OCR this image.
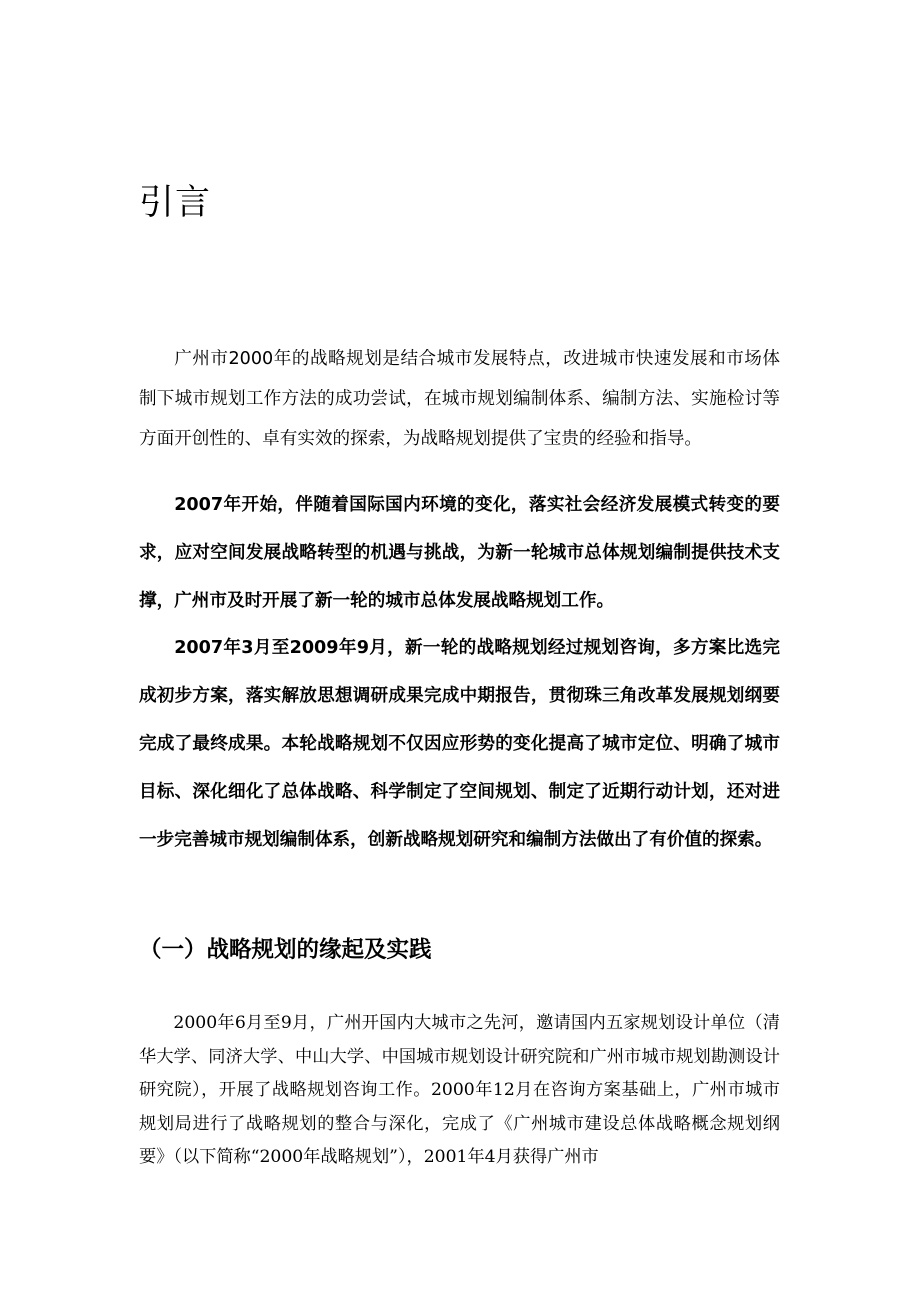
引言

广州市2000年的战略规划是结合城市发展特点，改进城市快速发展和市场体制下城市规划工作方法的成功尝试，在城市规划编制体系、编制方法、实施检讨等方面开创性的、卓有实效的探索，为战略规划提供了宝贵的经验和指导。

2007年开始，伴随着国际国内环境的变化，落实社会经济发展模式转变的要求，应对空间发展战略转型的机遇与挑战，为新一轮城市总体规划编制提供技术支撑，广州市及时开展了新一轮的城市总体发展战略规划工作。

2007年3月至2009年9月，新一轮的战略规划经过规划咨询，多方案比选完成初步方案，落实解放思想调研成果完成中期报告，贯彻珠三角改革发展规划纲要完成了最终成果。本轮战略规划不仅因应形势的变化提高了城市定位、明确了城市目标、深化细化了总体战略、科学制定了空间规划、制定了近期行动计划，还对进一步完善城市规划编制体系，创新战略规划研究和编制方法做出了有价值的探索。

（一）战略规划的缘起及实践

2000年6月至9月，广州开国内大城市之先河，邀请国内五家规划设计单位（清华大学、同济大学、中山大学、中国城市规划设计研究院和广州市城市规划勘测设计研究院），开展了战略规划咨询工作。2000年12月在咨询方案基础上，广州市城市规划局进行了战略规划的整合与深化，完成了《广州城市建设总体战略概念规划纲要》（以下简称“2000年战略规划”），2001年4月获得广州市
